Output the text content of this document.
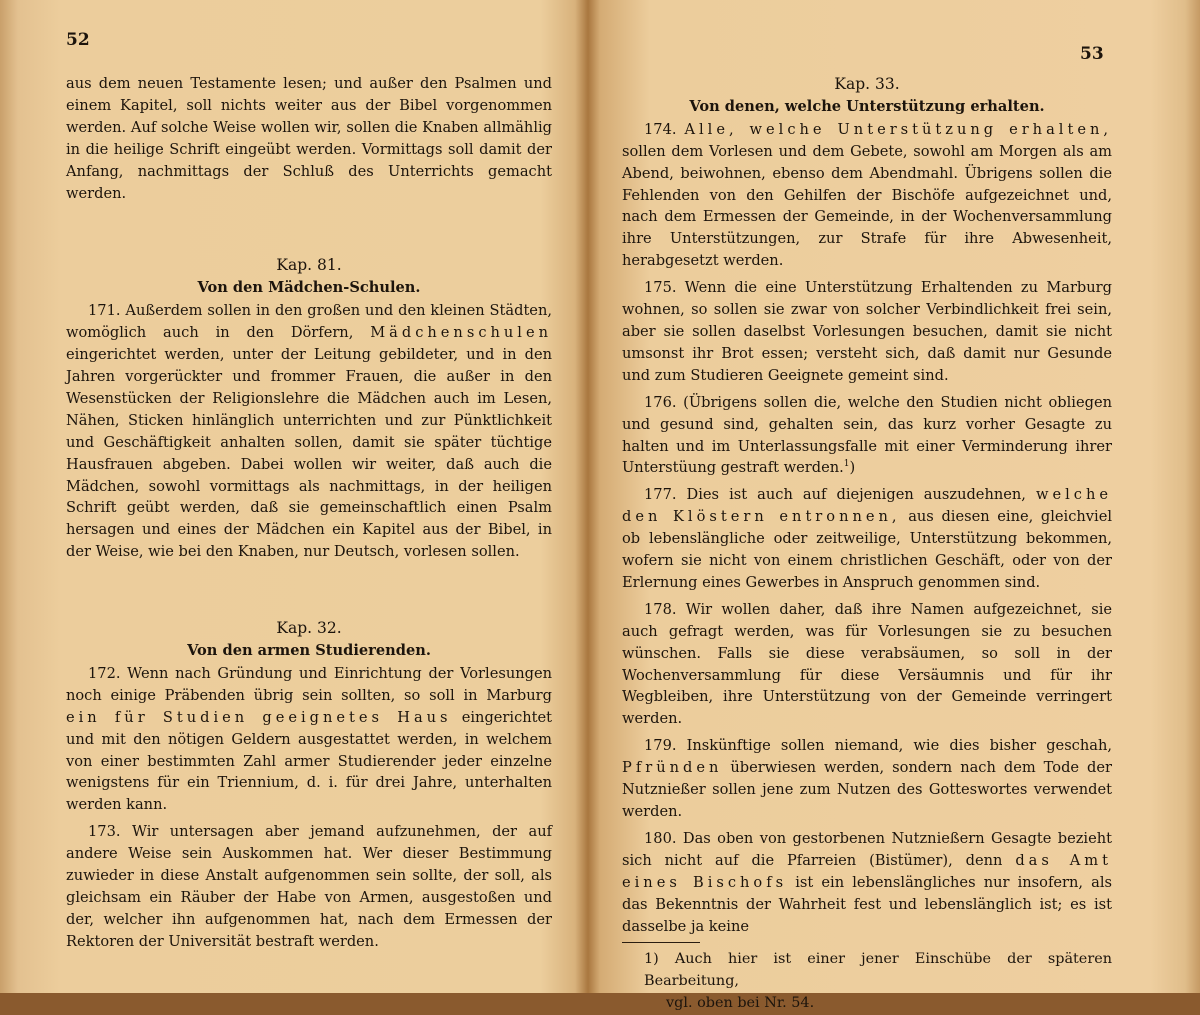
52

aus dem neuen Testamente lesen; und außer den Psalmen und einem Kapitel, soll nichts weiter aus der Bibel vorgenommen werden. Auf solche Weise wollen wir, sollen die Knaben allmählig in die heilige Schrift eingeübt werden. Vormittags soll damit der Anfang, nachmittags der Schluß des Unterrichts gemacht werden.

Kap. 81.

Von den Mädchen-Schulen.

171. Außerdem sollen in den großen und den kleinen Städten, womöglich auch in den Dörfern, Mädchenschulen eingerichtet werden, unter der Leitung gebildeter, und in den Jahren vorgerückter und frommer Frauen, die außer in den Wesenstücken der Religionslehre die Mädchen auch im Lesen, Nähen, Sticken hinlänglich unterrichten und zur Pünktlichkeit und Geschäftigkeit anhalten sollen, damit sie später tüchtige Hausfrauen abgeben. Dabei wollen wir weiter, daß auch die Mädchen, sowohl vormittags als nachmittags, in der heiligen Schrift geübt werden, daß sie gemeinschaftlich einen Psalm hersagen und eines der Mädchen ein Kapitel aus der Bibel, in der Weise, wie bei den Knaben, nur Deutsch, vorlesen sollen.

Kap. 32.

Von den armen Studierenden.

172. Wenn nach Gründung und Einrichtung der Vorlesungen noch einige Präbenden übrig sein sollten, so soll in Marburg ein für Studien geeignetes Haus eingerichtet und mit den nötigen Geldern ausgestattet werden, in welchem von einer bestimmten Zahl armer Studierender jeder einzelne wenigstens für ein Triennium, d. i. für drei Jahre, unterhalten werden kann.

173. Wir untersagen aber jemand aufzunehmen, der auf andere Weise sein Auskommen hat. Wer dieser Bestimmung zuwieder in diese Anstalt aufgenommen sein sollte, der soll, als gleichsam ein Räuber der Habe von Armen, ausgestoßen und der, welcher ihn aufgenommen hat, nach dem Ermessen der Rektoren der Universität bestraft werden.

53

Kap. 33.

Von denen, welche Unterstützung erhalten.

174. Alle, welche Unterstützung erhalten, sollen dem Vorlesen und dem Gebete, sowohl am Morgen als am Abend, beiwohnen, ebenso dem Abendmahl. Übrigens sollen die Fehlenden von den Gehilfen der Bischöfe aufgezeichnet und, nach dem Ermessen der Gemeinde, in der Wochenversammlung ihre Unterstützungen, zur Strafe für ihre Abwesenheit, herabgesetzt werden.

175. Wenn die eine Unterstützung Erhaltenden zu Marburg wohnen, so sollen sie zwar von solcher Verbindlichkeit frei sein, aber sie sollen daselbst Vorlesungen besuchen, damit sie nicht umsonst ihr Brot essen; versteht sich, daß damit nur Gesunde und zum Studieren Geeignete gemeint sind.

176. (Übrigens sollen die, welche den Studien nicht obliegen und gesund sind, gehalten sein, das kurz vorher Gesagte zu halten und im Unterlassungsfalle mit einer Verminderung ihrer Unterstüung gestraft werden.$^1$)

177. Dies ist auch auf diejenigen auszudehnen, welche den Klöstern entronnen, aus diesen eine, gleichviel ob lebenslängliche oder zeitweilige, Unterstützung bekommen, wofern sie nicht von einem christlichen Geschäft, oder von der Erlernung eines Gewerbes in Anspruch genommen sind.

178. Wir wollen daher, daß ihre Namen aufgezeichnet, sie auch gefragt werden, was für Vorlesungen sie zu besuchen wünschen. Falls sie diese verabsäumen, so soll in der Wochenversammlung für diese Versäumnis und für ihr Wegbleiben, ihre Unterstützung von der Gemeinde verringert werden.

179. Inskünftige sollen niemand, wie dies bisher geschah, Pfründen überwiesen werden, sondern nach dem Tode der Nutznießer sollen jene zum Nutzen des Gotteswortes verwendet werden.

180. Das oben von gestorbenen Nutznießern Gesagte bezieht sich nicht auf die Pfarreien (Bistümer), denn das Amt eines Bischofs ist ein lebenslängliches nur insofern, als das Bekenntnis der Wahrheit fest und lebenslänglich ist; es ist dasselbe ja keine

1) Auch hier ist einer jener Einschübe der späteren Bearbeitung,
vgl. oben bei Nr. 54.
